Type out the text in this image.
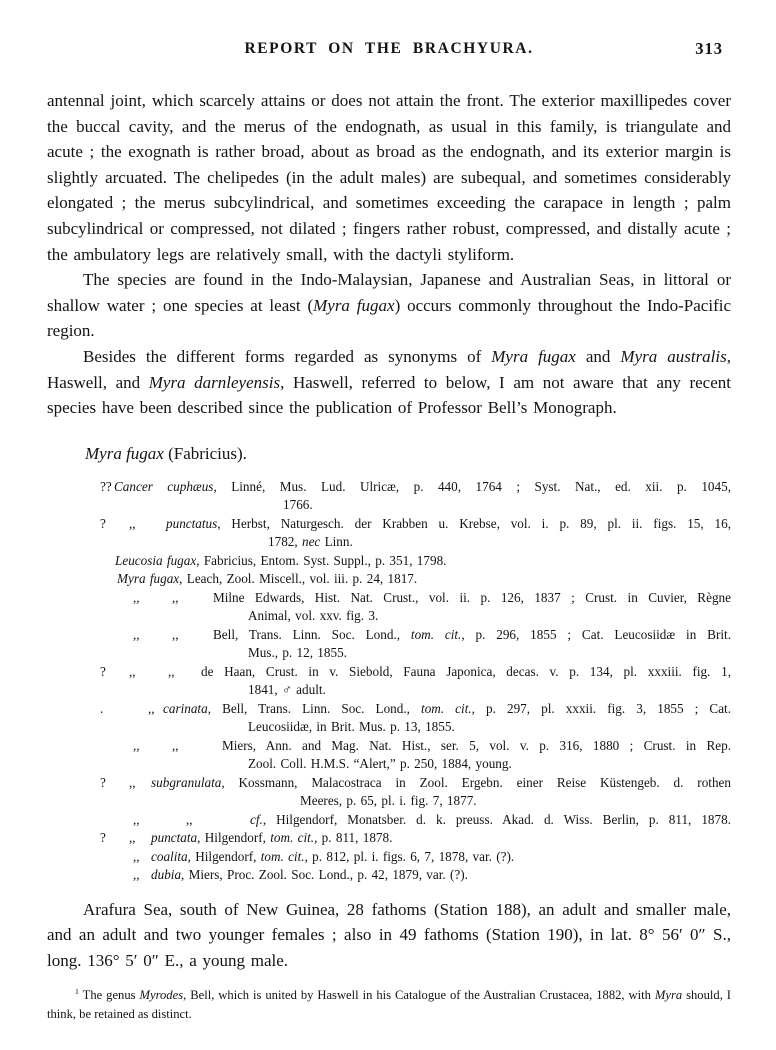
REPORT ON THE BRACHYURA.	313

antennal joint, which scarcely attains or does not attain the front. The exterior maxillipedes cover the buccal cavity, and the merus of the endognath, as usual in this family, is triangulate and acute ; the exognath is rather broad, about as broad as the endognath, and its exterior margin is slightly arcuated. The chelipedes (in the adult males) are subequal, and sometimes considerably elongated ; the merus subcylindrical, and sometimes exceeding the carapace in length ; palm subcylindrical or compressed, not dilated ; fingers rather robust, compressed, and distally acute ; the ambulatory legs are relatively small, with the dactyli styliform.

The species are found in the Indo-Malaysian, Japanese and Australian Seas, in littoral or shallow water ; one species at least (Myra fugax) occurs commonly throughout the Indo-Pacific region.

Besides the different forms regarded as synonyms of Myra fugax and Myra australis, Haswell, and Myra darnleyensis, Haswell, referred to below, I am not aware that any recent species have been described since the publication of Professor Bell’s Monograph.

Myra fugax (Fabricius).
?? Cancer cuphæus, Linné, Mus. Lud. Ulricæ, p. 440, 1764 ; Syst. Nat., ed. xii. p. 1045,
1766.
? ,, punctatus, Herbst, Naturgesch. der Krabben u. Krebse, vol. i. p. 89, pl. ii. figs. 15, 16,
1782, nec Linn.
Leucosia fugax, Fabricius, Entom. Syst. Suppl., p. 351, 1798.
Myra fugax, Leach, Zool. Miscell., vol. iii. p. 24, 1817.
,, ,,	Milne Edwards, Hist. Nat. Crust., vol. ii. p. 126, 1837 ; Crust. in Cuvier, Règne
Animal, vol. xxv. fig. 3.
,, ,,	Bell, Trans. Linn. Soc. Lond., tom. cit., p. 296, 1855 ; Cat. Leucosiidæ in Brit.
Mus., p. 12, 1855.
? ,, ,, de Haan, Crust. in v. Siebold, Fauna Japonica, decas. v. p. 134, pl. xxxiii. fig. 1,
1841, ♂ adult.
.	,, carinata, Bell, Trans. Linn. Soc. Lond., tom. cit., p. 297, pl. xxxii. fig. 3, 1855 ; Cat.
Leucosiidæ, in Brit. Mus. p. 13, 1855.
,, ,,	Miers, Ann. and Mag. Nat. Hist., ser. 5, vol. v. p. 316, 1880 ; Crust. in Rep.
Zool. Coll. H.M.S. “Alert,” p. 250, 1884, young.
? ,, subgranulata, Kossmann, Malacostraca in Zool. Ergebn. einer Reise Küstengeb. d. rothen
Meeres, p. 65, pl. i. fig. 7, 1877.
,,	,,	cf., Hilgendorf, Monatsber. d. k. preuss. Akad. d. Wiss. Berlin, p. 811, 1878.
? ,, punctata, Hilgendorf, tom. cit., p. 811, 1878.
,, coalita, Hilgendorf, tom. cit., p. 812, pl. i. figs. 6, 7, 1878, var. (?).
,, dubia, Miers, Proc. Zool. Soc. Lond., p. 42, 1879, var. (?).

Arafura Sea, south of New Guinea, 28 fathoms (Station 188), an adult and smaller male, and an adult and two younger females ; also in 49 fathoms (Station 190), in lat. 8° 56′ 0″ S., long. 136° 5′ 0″ E., a young male.

$^1$ The genus Myrodes, Bell, which is united by Haswell in his Catalogue of the Australian Crustacea, 1882, with Myra should, I think, be retained as distinct.
